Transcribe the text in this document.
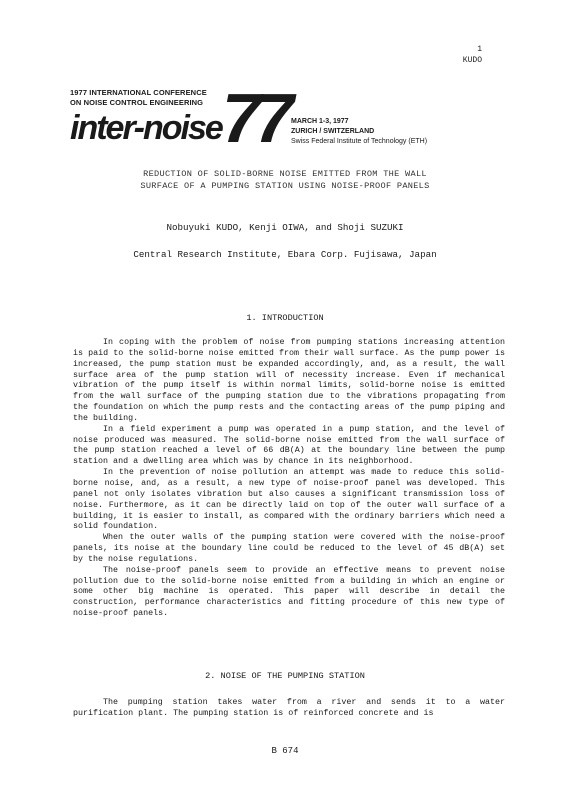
1
KUDO
1977 INTERNATIONAL CONFERENCE
ON NOISE CONTROL ENGINEERING
inter-noise 77 MARCH 1-3, 1977
ZURICH / SWITZERLAND
Swiss Federal Institute of Technology (ETH)
REDUCTION OF SOLID-BORNE NOISE EMITTED FROM THE WALL
SURFACE OF A PUMPING STATION USING NOISE-PROOF PANELS
Nobuyuki KUDO, Kenji OIWA, and Shoji SUZUKI
Central Research Institute, Ebara Corp. Fujisawa, Japan
1. INTRODUCTION

In coping with the problem of noise from pumping stations increasing attention is paid to the solid-borne noise emitted from their wall surface. As the pump power is increased, the pump station must be expanded accordingly, and, as a result, the wall surface area of the pump station will of necessity increase. Even if mechanical vibration of the pump itself is within normal limits, solid-borne noise is emitted from the wall surface of the pumping station due to the vibrations propagating from the foundation on which the pump rests and the contacting areas of the pump piping and the building.

In a field experiment a pump was operated in a pump station, and the level of noise produced was measured. The solid-borne noise emitted from the wall surface of the pump station reached a level of 66 dB(A) at the boundary line between the pump station and a dwelling area which was by chance in its neighborhood.

In the prevention of noise pollution an attempt was made to reduce this solid-borne noise, and, as a result, a new type of noise-proof panel was developed. This panel not only isolates vibration but also causes a significant transmission loss of noise. Furthermore, as it can be directly laid on top of the outer wall surface of a building, it is easier to install, as compared with the ordinary barriers which need a solid foundation.

When the outer walls of the pumping station were covered with the noise-proof panels, its noise at the boundary line could be reduced to the level of 45 dB(A) set by the noise regulations.

The noise-proof panels seem to provide an effective means to prevent noise pollution due to the solid-borne noise emitted from a building in which an engine or some other big machine is operated. This paper will describe in detail the construction, performance characteristics and fitting procedure of this new type of noise-proof panels.

2. NOISE OF THE PUMPING STATION

The pumping station takes water from a river and sends it to a water purification plant. The pumping station is of reinforced concrete and is

B 674
